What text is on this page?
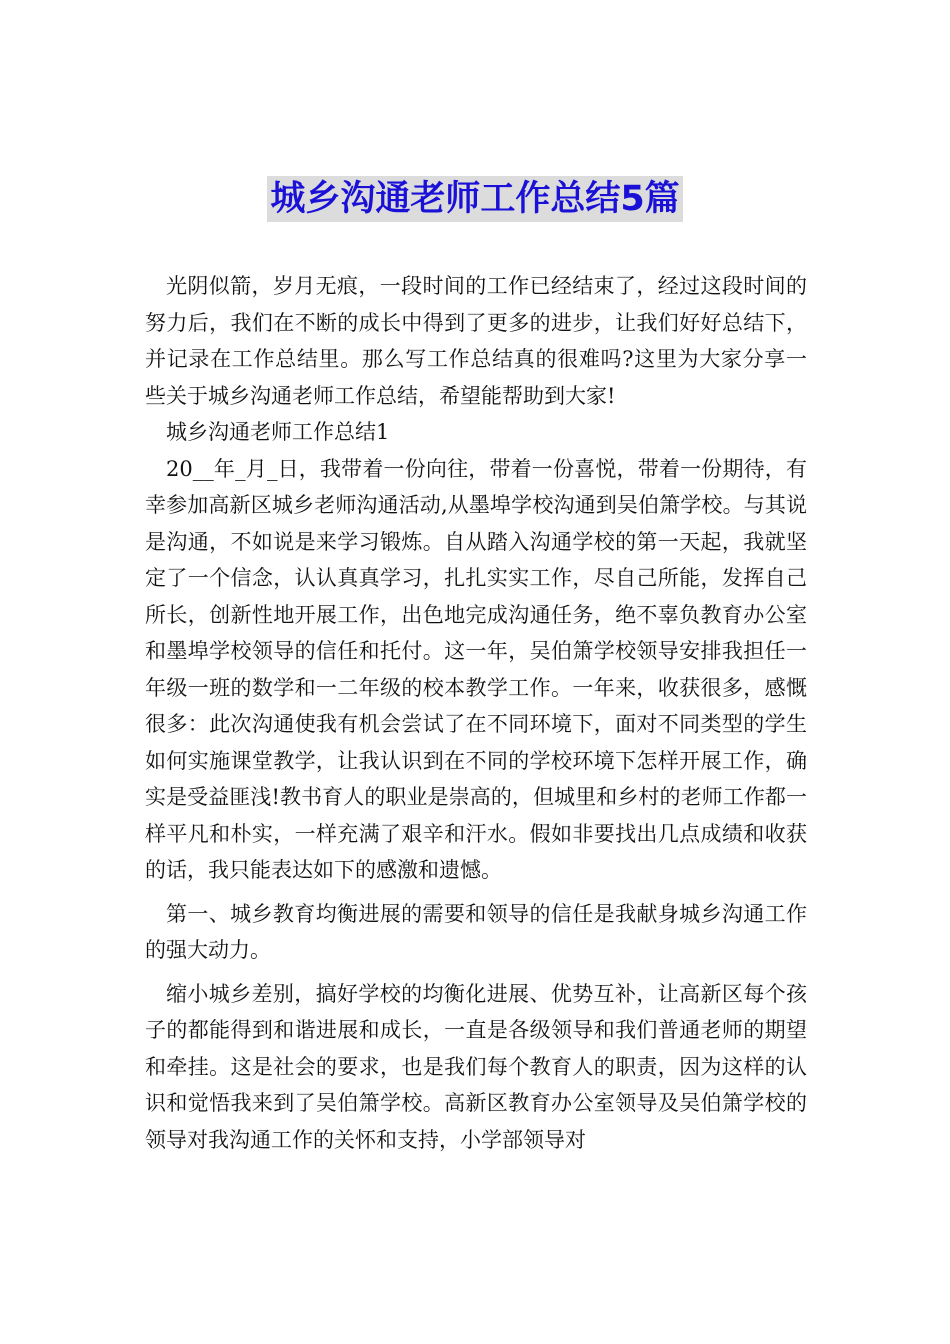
城乡沟通老师工作总结5篇

光阴似箭，岁月无痕，一段时间的工作已经结束了，经过这段时间的努力后，我们在不断的成长中得到了更多的进步，让我们好好总结下，并记录在工作总结里。那么写工作总结真的很难吗?这里为大家分享一些关于城乡沟通老师工作总结，希望能帮助到大家!

城乡沟通老师工作总结1

20__年_月_日，我带着一份向往，带着一份喜悦，带着一份期待，有幸参加高新区城乡老师沟通活动,从墨埠学校沟通到吴伯箫学校。与其说是沟通，不如说是来学习锻炼。自从踏入沟通学校的第一天起，我就坚定了一个信念，认认真真学习，扎扎实实工作，尽自己所能，发挥自己所长，创新性地开展工作，出色地完成沟通任务，绝不辜负教育办公室和墨埠学校领导的信任和托付。这一年，吴伯箫学校领导安排我担任一年级一班的数学和一二年级的校本教学工作。一年来，收获很多，感慨很多：此次沟通使我有机会尝试了在不同环境下，面对不同类型的学生如何实施课堂教学，让我认识到在不同的学校环境下怎样开展工作，确实是受益匪浅!教书育人的职业是崇高的，但城里和乡村的老师工作都一样平凡和朴实，一样充满了艰辛和汗水。假如非要找出几点成绩和收获的话，我只能表达如下的感激和遗憾。

第一、城乡教育均衡进展的需要和领导的信任是我献身城乡沟通工作的强大动力。

缩小城乡差别，搞好学校的均衡化进展、优势互补，让高新区每个孩子的都能得到和谐进展和成长，一直是各级领导和我们普通老师的期望和牵挂。这是社会的要求，也是我们每个教育人的职责，因为这样的认识和觉悟我来到了吴伯箫学校。高新区教育办公室领导及吴伯箫学校的领导对我沟通工作的关怀和支持，小学部领导对
